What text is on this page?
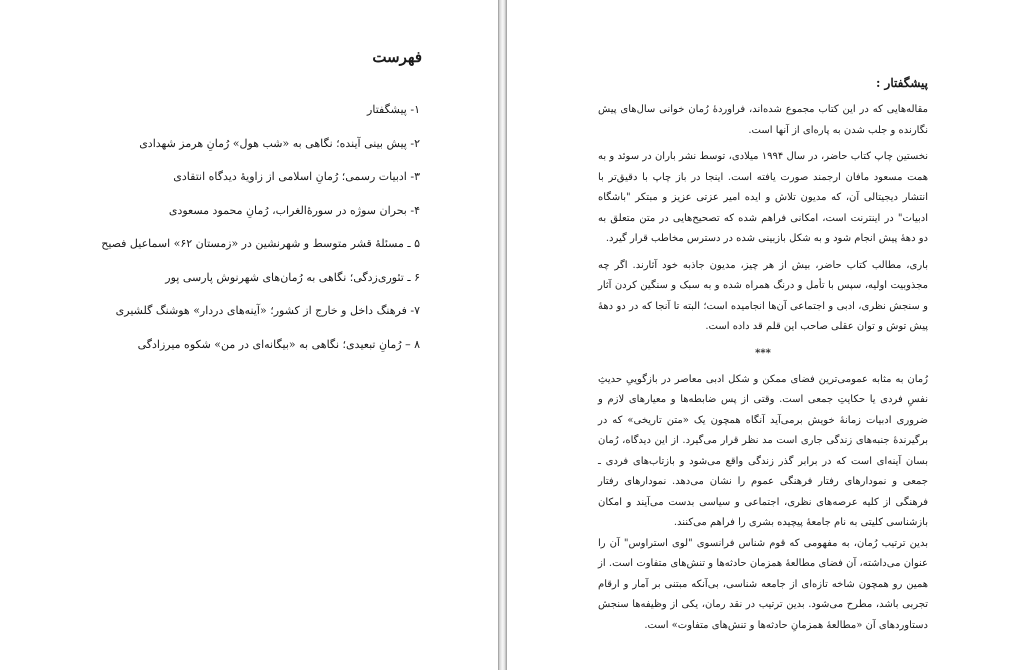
فهرست
۱- پیشگفتار
۲- پیش بینی آینده؛ نگاهی به «شب هول» رُمانِ هرمز شهدادی
۳- ادبیات رسمی؛ رُمانِ اسلامی از زاویهٔ دیدگاه انتقادی
۴- بحران سوژه در سورهٔ‌الغراب، رُمانِ محمود مسعودی
۵ ـ مسئلهٔ قشر متوسط و شهرنشین در «زمستان ۶۲» اسماعیل فصیح
۶ ـ تئوری‌زدگی؛ نگاهی به رُمان‌های شهرنوش پارسی پور
۷- فرهنگ داخل و خارج از کشور؛ «آینه‌های دردار» هوشنگ گلشیری
۸ – رُمانِ تبعیدی؛ نگاهی به «بیگانه‌ای در من» شکوه میرزادگی
پیشگفتار :

مقاله‌هایی که در این کتاب مجموع شده‌اند، فراوردهٔ رُمان خوانی سال‌های پیش نگارنده و جلب شدن به پاره‌ای از آنها است.

نخستین چاپ کتاب حاضر، در سال ۱۹۹۴ میلادی، توسط نشر باران در سوئد و به همت مسعود مافان ارجمند صورت یافته است. اینجا در باز چاپ با دقیق‌تر با انتشار دیجیتالی آن، که مدیون تلاش و ایده امیر عزتی عزیز و مبتکر "باشگاه ادبیات" در اینترنت است، امکانی فراهم شده که تصحیح‌هایی در متن متعلق به دو دههٔ پیش انجام شود و به شکل بازبینی شده در دسترس مخاطب قرار گیرد.

باری، مطالب کتاب حاضر، بیش از هر چیز، مدیون جاذبه خود آثارند. اگر چه مجذوبیت اولیه، سپس با تأمل و درنگ همراه شده و به سبک و سنگین کردن آثار و سنجش نظری، ادبی و اجتماعی آن‌ها انجامیده است؛ البته تا آنجا که در دو دههٔ پیش توش و توان عقلی صاحب این قلم قد داده است.

***

رُمان به مثابه عمومی‌ترین فضای ممکن و شکل ادبی معاصر در بازگوییِ حدیثِ نفسِ فردی یا حکایتِ جمعی است. وقتی از پس ضابطه‌ها و معیارهای لازم و ضروری ادبیات زمانهٔ خویش برمی‌آید آنگاه همچون یک «متن تاریخی» که در برگیرندهٔ جنبه‌های زندگی جاری است مد نظر قرار می‌گیرد. از این دیدگاه، رُمان بسان آینه‌ای است که در برابر گذر زندگی واقع می‌شود و بازتاب‌های فردی ـ جمعی و نمودارهای رفتار فرهنگی عموم را نشان می‌دهد. نمودارهای رفتار فرهنگی از کلیه عرصه‌های نظری، اجتماعی و سیاسی بدست می‌آیند و امکان بازشناسی کلیتی به نام جامعهٔ پیچیده بشری را فراهم می‌کنند.

بدین ترتیب رُمان، به مفهومی که قوم شناس فرانسوی "لوی استراوس" آن را عنوان می‌داشته، آن فضای مطالعهٔ همزمان حادثه‌ها و تنش‌های متفاوت است. از همین رو همچون شاخه تازه‌ای از جامعه شناسی، بی‌آنکه مبتنی بر آمار و ارقام تجربی باشد، مطرح می‌شود. بدین ترتیب در نقد رمان، یکی از وظیفه‌ها سنجش دستاوردهای آن «مطالعهٔ همزمانِ حادثه‌ها و تنش‌های متفاوت» است.
